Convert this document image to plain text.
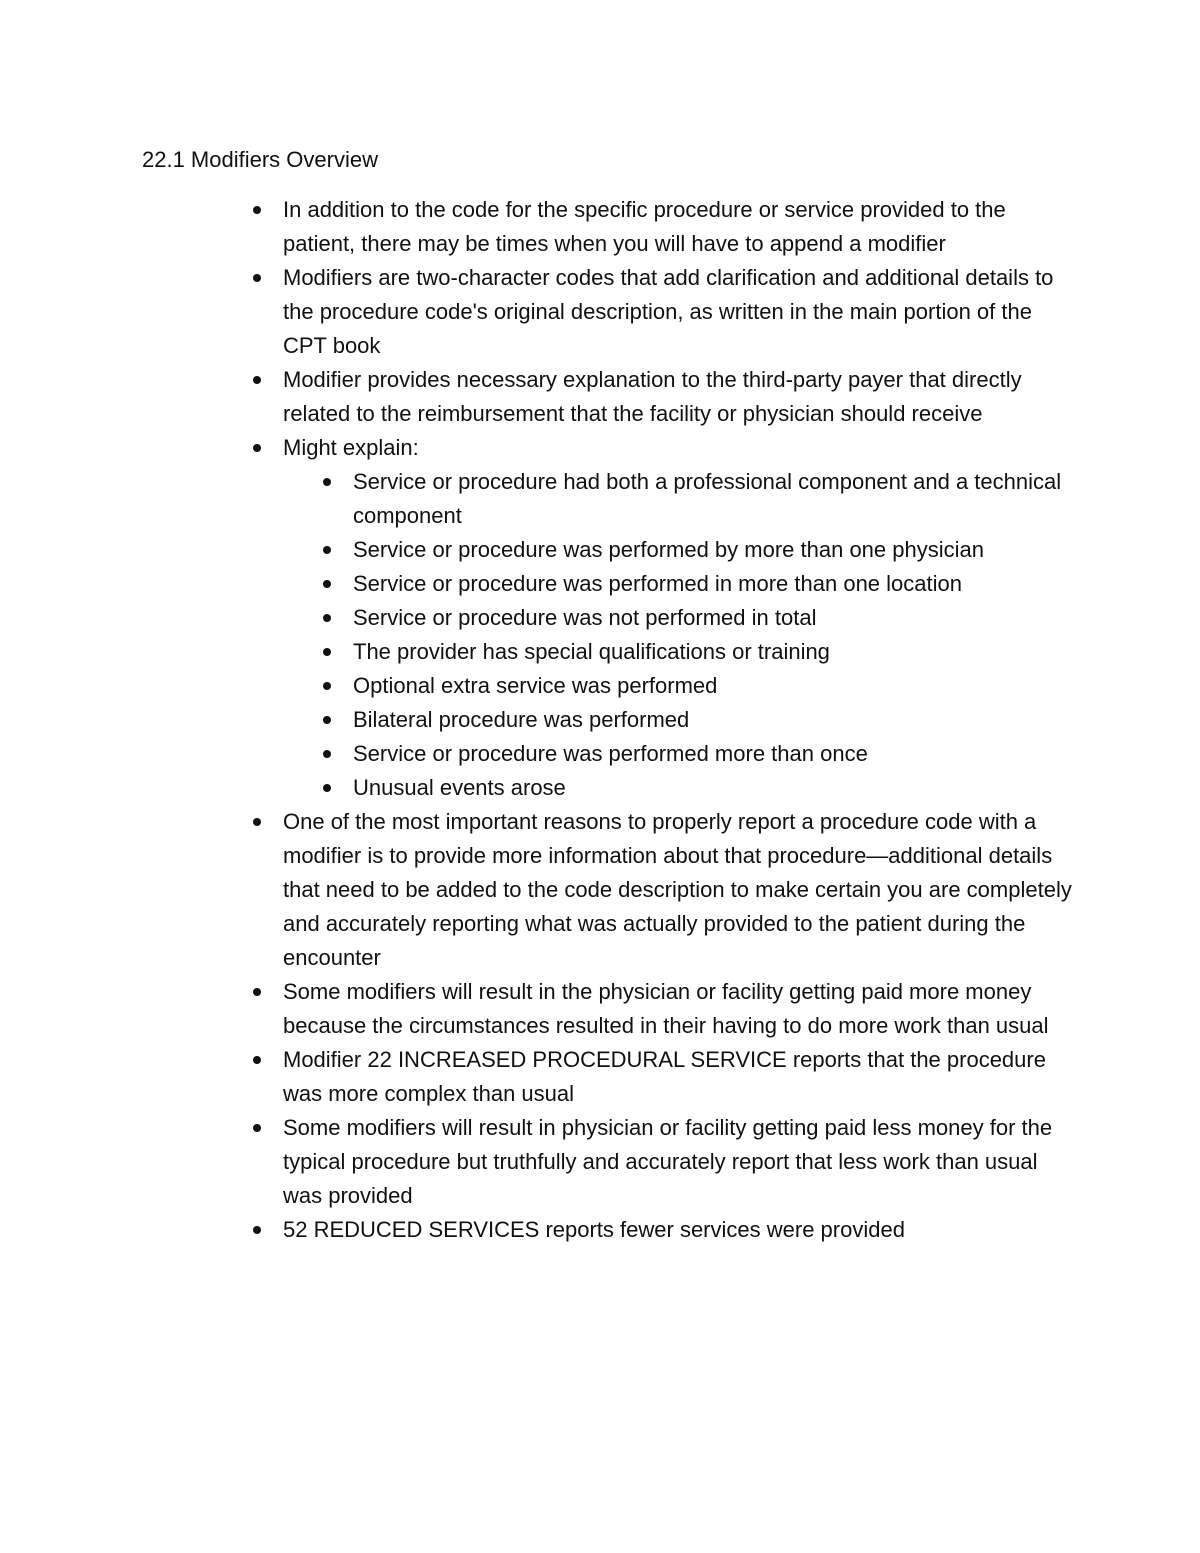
22.1 Modifiers Overview
In addition to the code for the specific procedure or service provided to the patient, there may be times when you will have to append a modifier
Modifiers are two-character codes that add clarification and additional details to the procedure code's original description, as written in the main portion of the CPT book
Modifier provides necessary explanation to the third-party payer that directly related to the reimbursement that the facility or physician should receive
Might explain:
Service or procedure had both a professional component and a technical component
Service or procedure was performed by more than one physician
Service or procedure was performed in more than one location
Service or procedure was not performed in total
The provider has special qualifications or training
Optional extra service was performed
Bilateral procedure was performed
Service or procedure was performed more than once
Unusual events arose
One of the most important reasons to properly report a procedure code with a modifier is to provide more information about that procedure—additional details that need to be added to the code description to make certain you are completely and accurately reporting what was actually provided to the patient during the encounter
Some modifiers will result in the physician or facility getting paid more money because the circumstances resulted in their having to do more work than usual
Modifier 22 INCREASED PROCEDURAL SERVICE reports that the procedure was more complex than usual
Some modifiers will result in physician or facility getting paid less money for the typical procedure but truthfully and accurately report that less work than usual was provided
52 REDUCED SERVICES reports fewer services were provided
